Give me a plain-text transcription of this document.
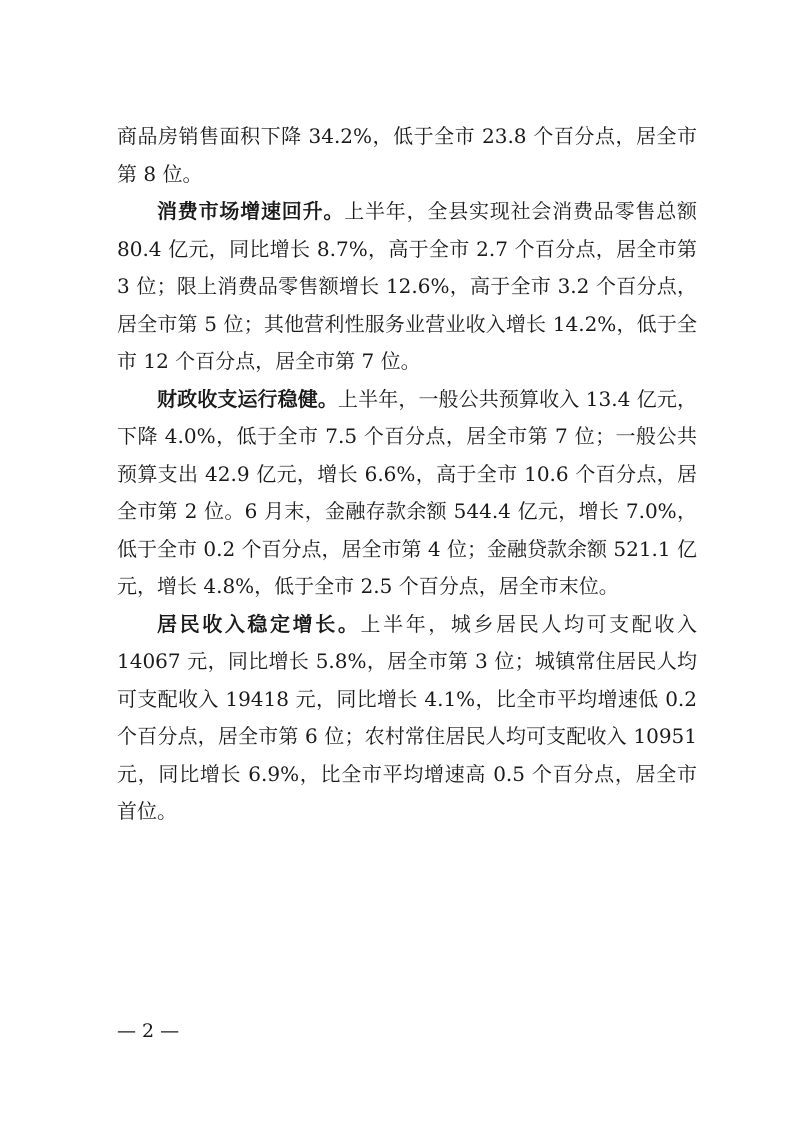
商品房销售面积下降 34.2%，低于全市 23.8 个百分点，居全市第 8 位。

消费市场增速回升。上半年，全县实现社会消费品零售总额 80.4 亿元，同比增长 8.7%，高于全市 2.7 个百分点，居全市第 3 位；限上消费品零售额增长 12.6%，高于全市 3.2 个百分点，居全市第 5 位；其他营利性服务业营业收入增长 14.2%，低于全市 12 个百分点，居全市第 7 位。

财政收支运行稳健。上半年，一般公共预算收入 13.4 亿元，下降 4.0%，低于全市 7.5 个百分点，居全市第 7 位；一般公共预算支出 42.9 亿元，增长 6.6%，高于全市 10.6 个百分点，居全市第 2 位。6 月末，金融存款余额 544.4 亿元，增长 7.0%，低于全市 0.2 个百分点，居全市第 4 位；金融贷款余额 521.1 亿元，增长 4.8%，低于全市 2.5 个百分点，居全市末位。

居民收入稳定增长。上半年，城乡居民人均可支配收入 14067 元，同比增长 5.8%，居全市第 3 位；城镇常住居民人均可支配收入 19418 元，同比增长 4.1%，比全市平均增速低 0.2 个百分点，居全市第 6 位；农村常住居民人均可支配收入 10951 元，同比增长 6.9%，比全市平均增速高 0.5 个百分点，居全市首位。

— 2 —
